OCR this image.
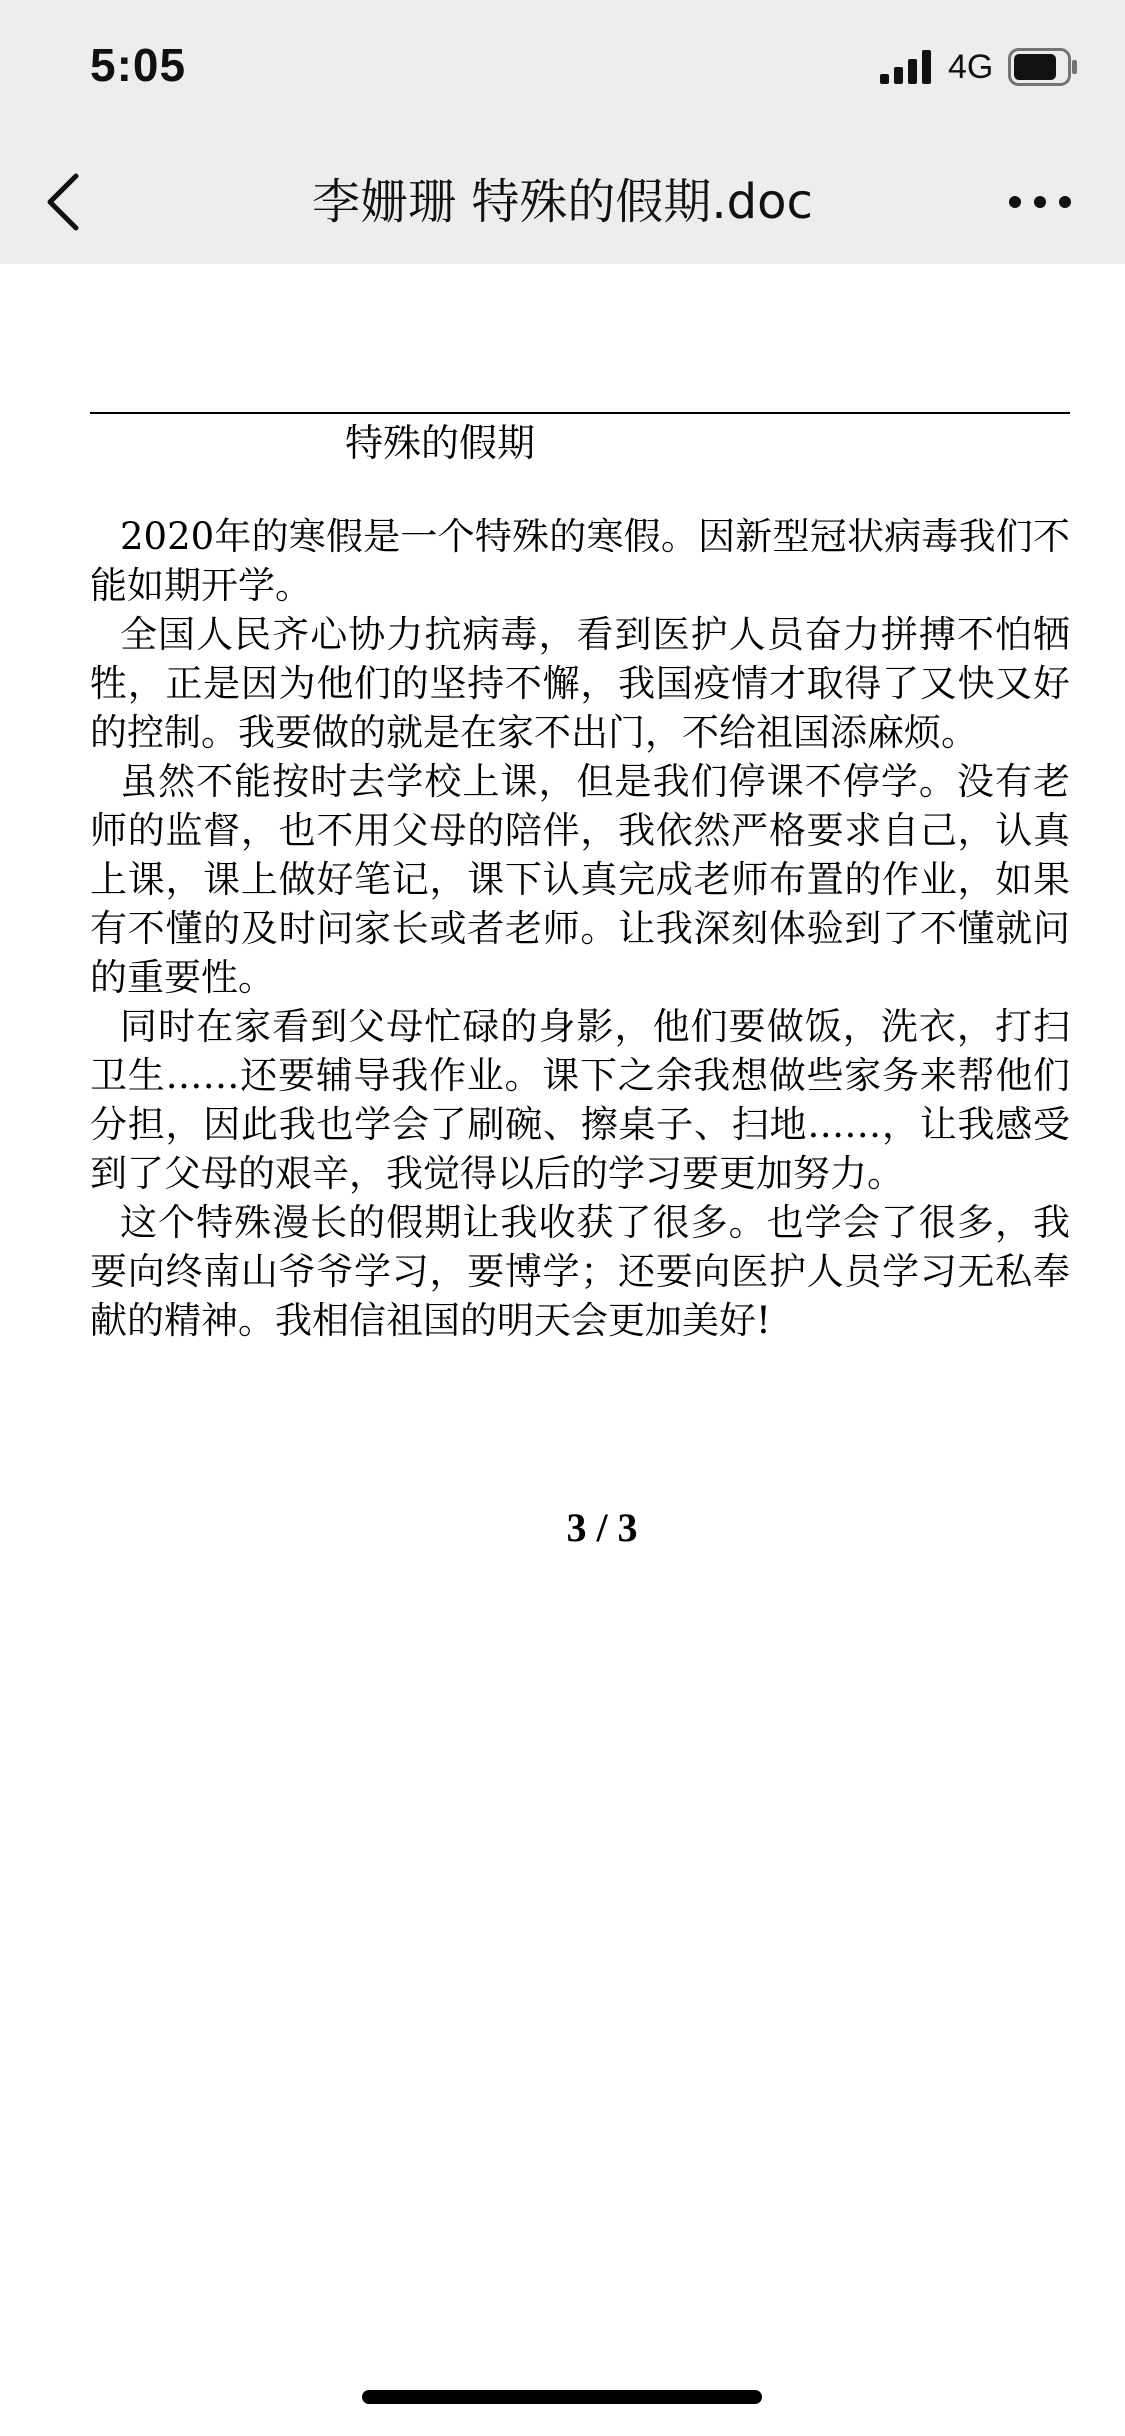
5:05	4G
李姗珊 特殊的假期.doc
特殊的假期

2020年的寒假是一个特殊的寒假。因新型冠状病毒我们不能如期开学。

全国人民齐心协力抗病毒，看到医护人员奋力拼搏不怕牺牲，正是因为他们的坚持不懈，我国疫情才取得了又快又好的控制。我要做的就是在家不出门，不给祖国添麻烦。

虽然不能按时去学校上课，但是我们停课不停学。没有老师的监督，也不用父母的陪伴，我依然严格要求自己，认真上课，课上做好笔记，课下认真完成老师布置的作业，如果有不懂的及时问家长或者老师。让我深刻体验到了不懂就问的重要性。

同时在家看到父母忙碌的身影，他们要做饭，洗衣，打扫卫生……还要辅导我作业。课下之余我想做些家务来帮他们分担，因此我也学会了刷碗、擦桌子、扫地……，让我感受到了父母的艰辛，我觉得以后的学习要更加努力。

这个特殊漫长的假期让我收获了很多。也学会了很多，我要向终南山爷爷学习，要博学；还要向医护人员学习无私奉献的精神。我相信祖国的明天会更加美好!

3 / 3
